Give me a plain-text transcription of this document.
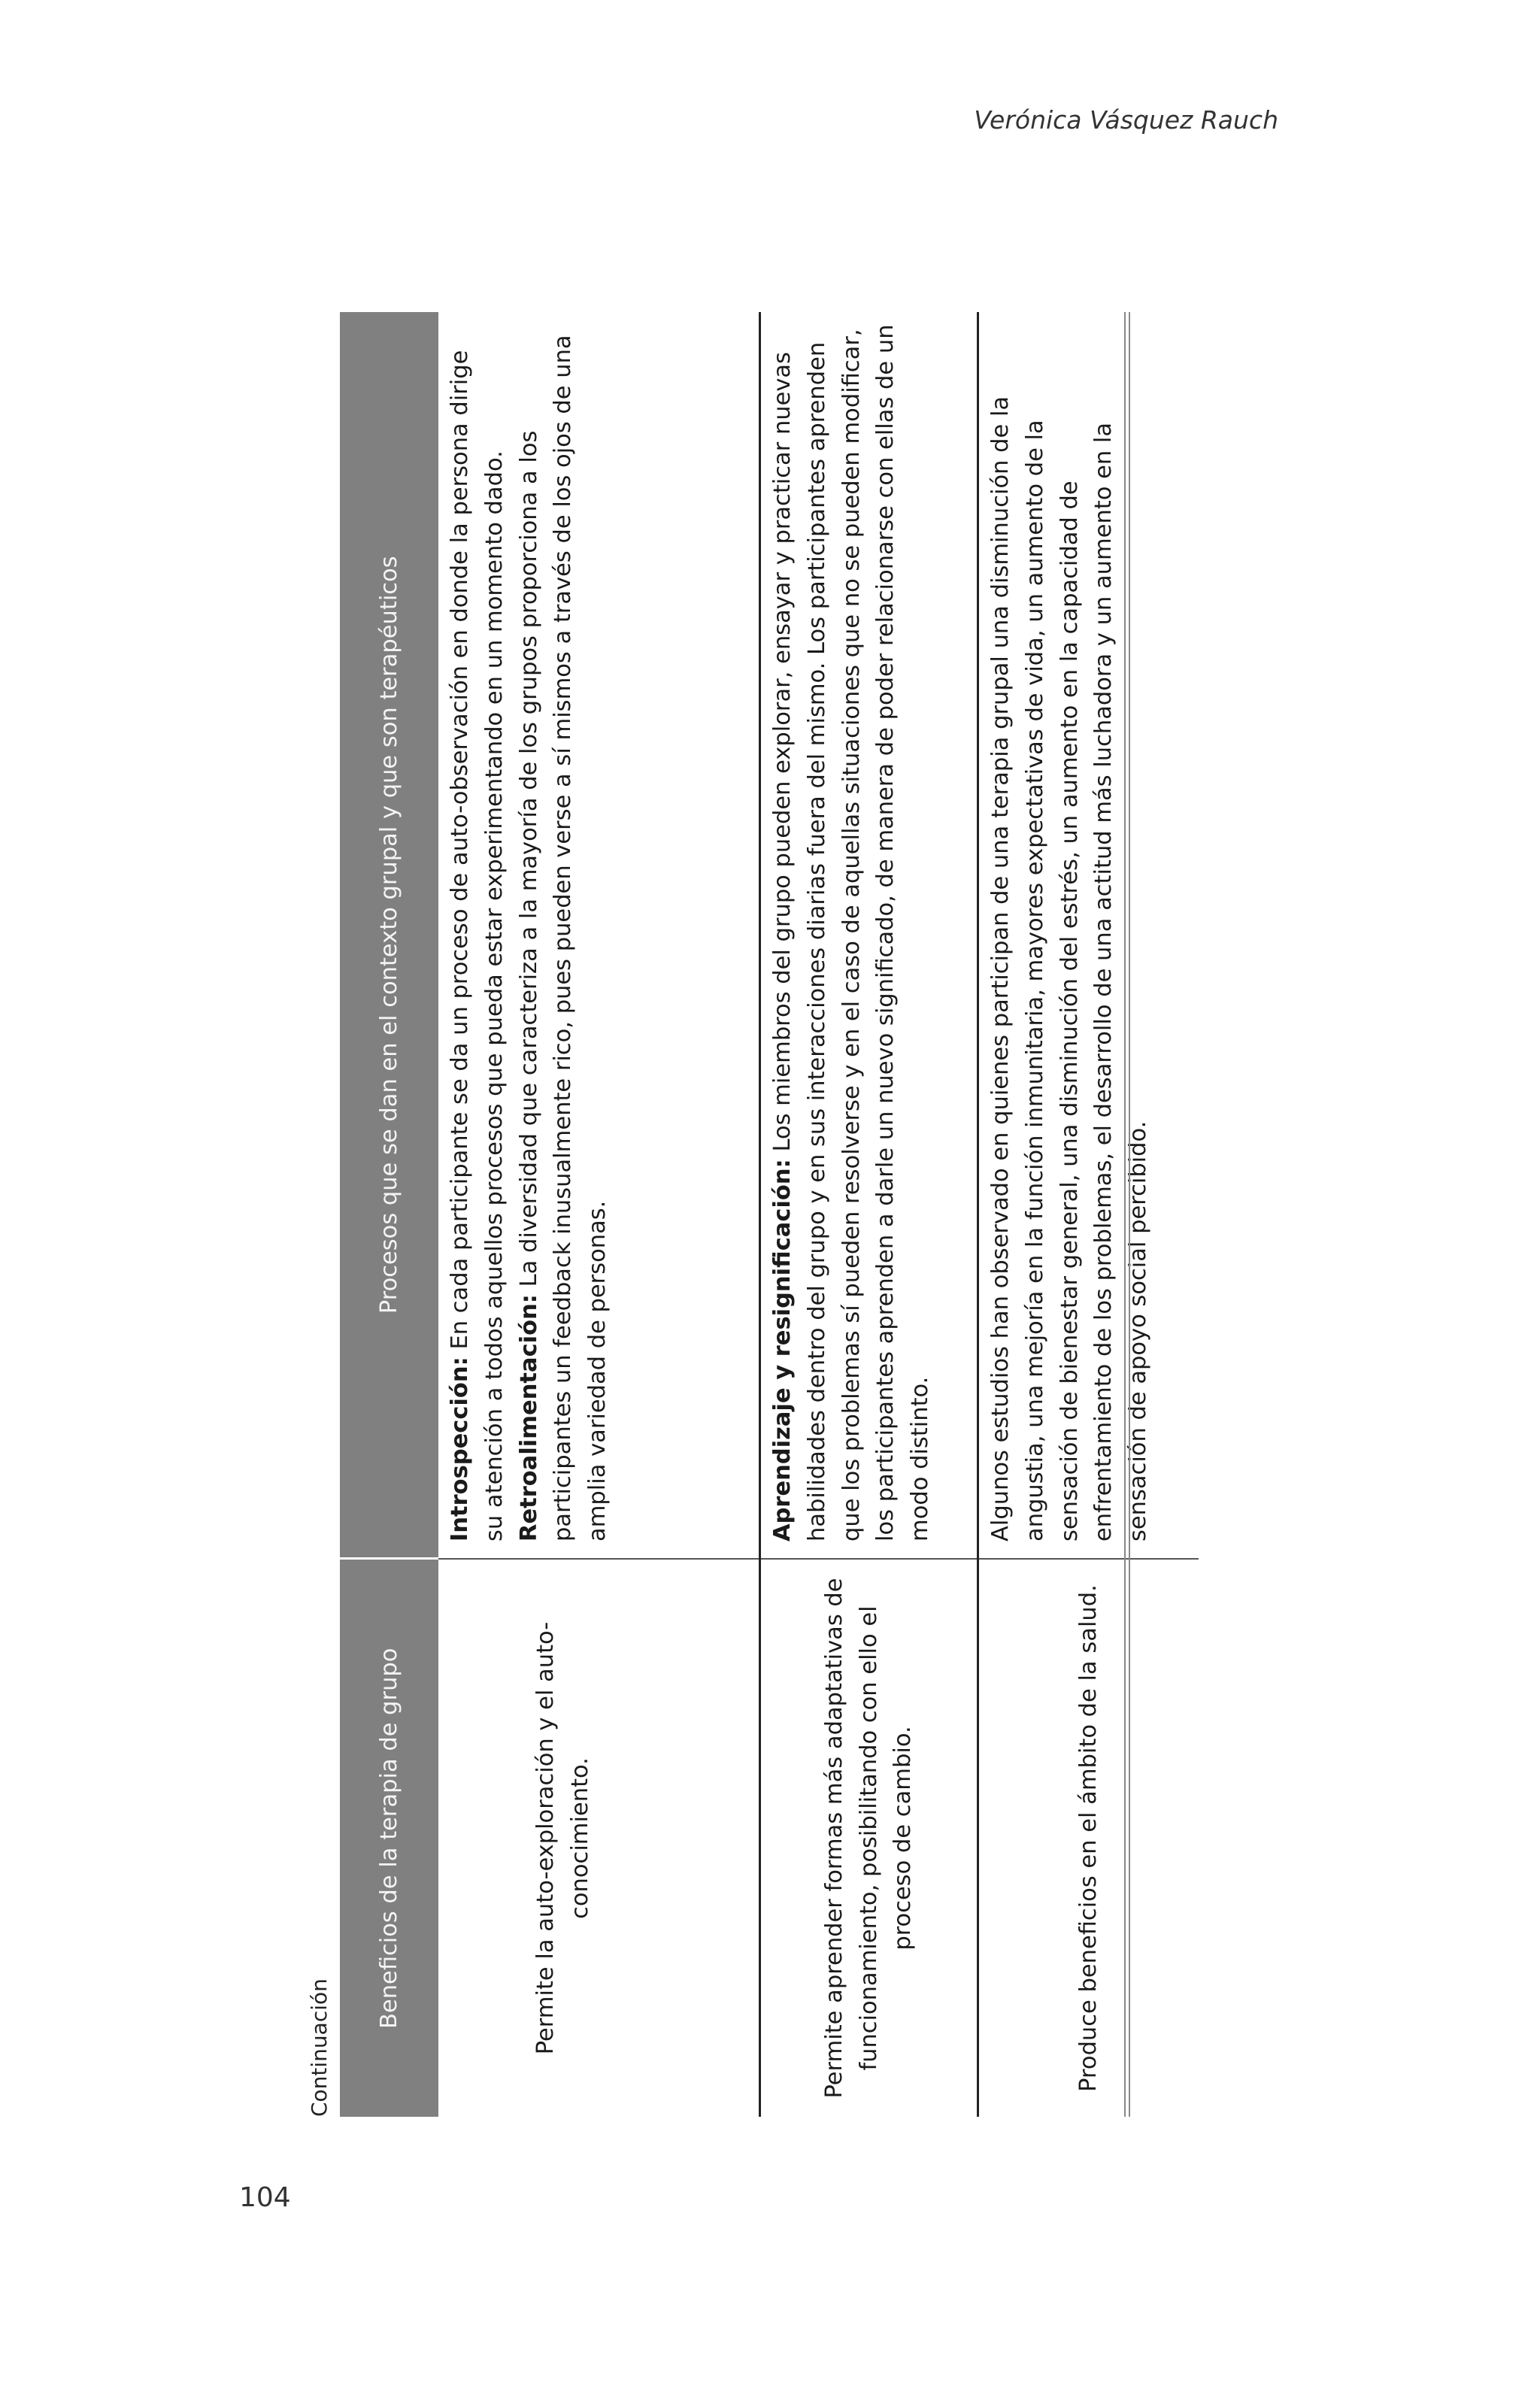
Verónica Vásquez Rauch
104
Continuación
Beneficios de la terapia de grupo	Procesos que se dan en el contexto grupal y que son terapéuticos
Permite la auto-exploración y el auto-conocimiento.	Introspección: En cada participante se da un proceso de auto-observación en donde la persona dirige su atención a todos aquellos procesos que pueda estar experimentando en un momento dado. Retroalimentación: La diversidad que caracteriza a la mayoría de los grupos proporciona a los participantes un feedback inusualmente rico, pues pueden verse a sí mismos a través de los ojos de una amplia variedad de personas.

Permite aprender formas más adaptativas de funcionamiento, posibilitando con ello el proceso de cambio.	Aprendizaje y resignificación: Los miembros del grupo pueden explorar, ensayar y practicar nuevas habilidades dentro del grupo y en sus interacciones diarias fuera del mismo. Los participantes aprenden que los problemas sí pueden resolverse y en el caso de aquellas situaciones que no se pueden modificar, los participantes aprenden a darle un nuevo significado, de manera de poder relacionarse con ellas de un modo distinto.

Produce beneficios en el ámbito de la salud.	Algunos estudios han observado en quienes participan de una terapia grupal una disminución de la angustia, una mejoría en la función inmunitaria, mayores expectativas de vida, un aumento de la sensación de bienestar general, una disminución del estrés, un aumento en la capacidad de enfrentamiento de los problemas, el desarrollo de una actitud más luchadora y un aumento en la sensación de apoyo social percibido.
